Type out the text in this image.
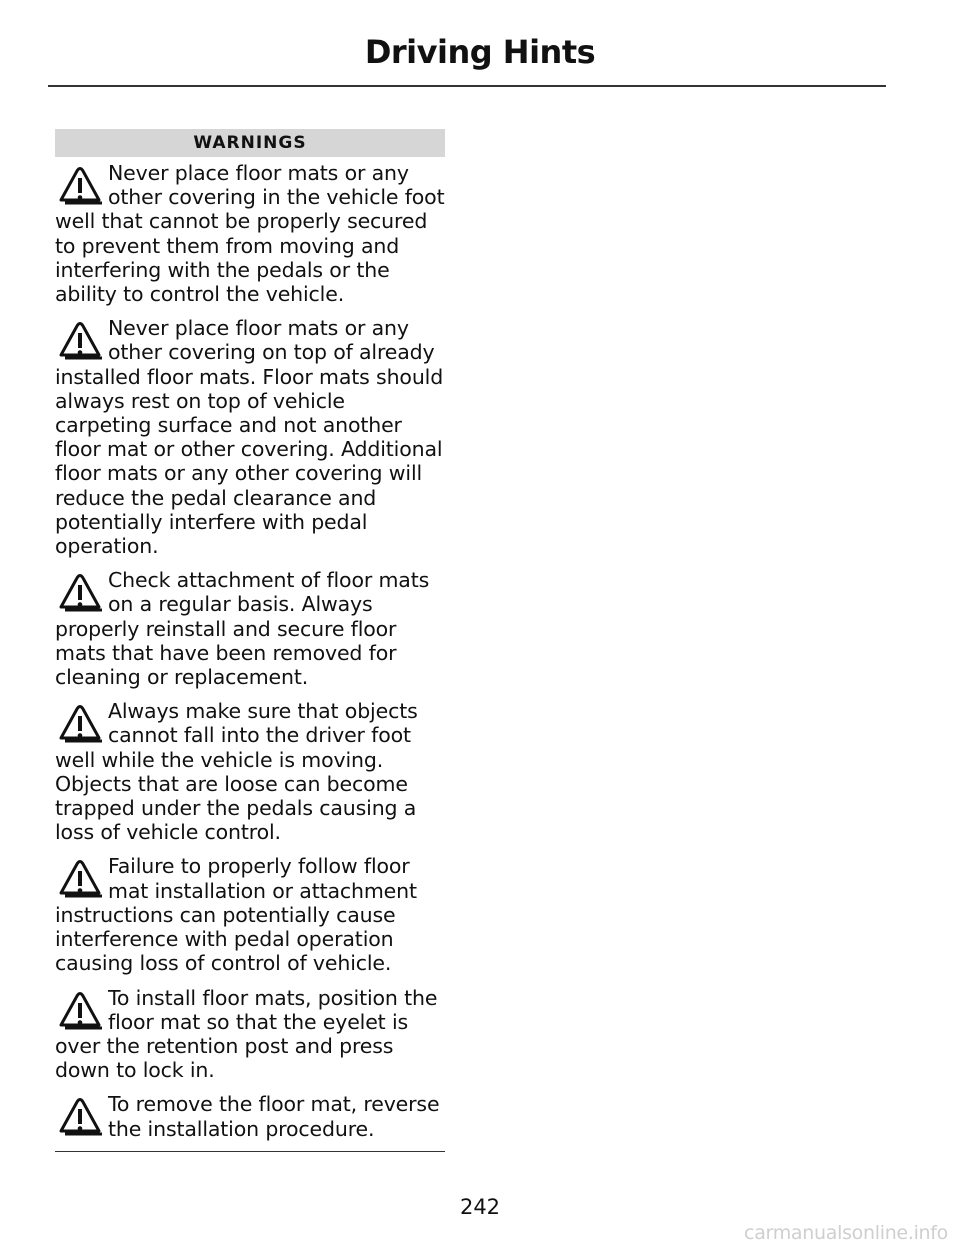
Driving Hints
WARNINGS
Never place floor mats or any other covering in the vehicle foot well that cannot be properly secured to prevent them from moving and interfering with the pedals or the ability to control the vehicle.
Never place floor mats or any other covering on top of already installed floor mats. Floor mats should always rest on top of vehicle carpeting surface and not another floor mat or other covering. Additional floor mats or any other covering will reduce the pedal clearance and potentially interfere with pedal operation.
Check attachment of floor mats on a regular basis. Always properly reinstall and secure floor mats that have been removed for cleaning or replacement.
Always make sure that objects cannot fall into the driver foot well while the vehicle is moving. Objects that are loose can become trapped under the pedals causing a loss of vehicle control.
Failure to properly follow floor mat installation or attachment instructions can potentially cause interference with pedal operation causing loss of control of vehicle.
To install floor mats, position the floor mat so that the eyelet is over the retention post and press down to lock in.
To remove the floor mat, reverse the installation procedure.
242
carmanualsonline.info
